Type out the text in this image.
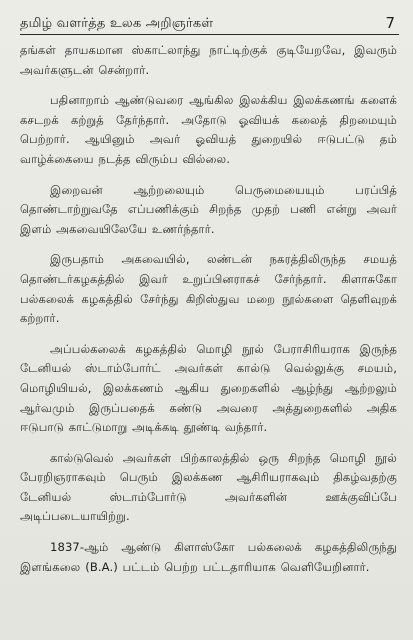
தமிழ் வளர்த்த உலக அறிஞர்கள்	7

தங்கள் தாயகமான ஸ்காட்லாந்து நாட்டிற்குக் குடியேறவே, இவரும் அவர்களுடன் சென்றார்.

பதினாறாம் ஆண்டுவரை ஆங்கில இலக்கிய இலக்கணங் களைக் கசடறக் கற்றுத் தேர்ந்தார். அதோடு ஓவியக் கலைத் திறமையும் பெற்றார். ஆயினும் அவர் ஓவியத் துறையில் ஈடுபட்டு தம் வாழ்க்கையை நடத்த விரும்ப வில்லை.

இறைவன் ஆற்றலையும் பெருமையையும் பரப்பித் தொண்டாற்றுவதே எப்பணிக்கும் சிறந்த முதற் பணி என்று அவர் இளம் அகவையிலேயே உணர்ந்தார்.

இருபதாம் அகவையில், லண்டன் நகரத்திலிருந்த சமயத் தொண்டர்கழகத்தில் இவர் உறுப்பினராகச் சேர்ந்தார். கிளாசுகோ பல்கலைக் கழகத்தில் சேர்ந்து கிறிஸ்துவ மறை நூல்களை தெளிவுறக் கற்றார்.

அப்பல்கலைக் கழகத்தில் மொழி நூல் பேராசிரியராக இருந்த டேனியல் ஸ்டாம்போர்ட் அவர்கள் கால்டு வெல்லுக்கு சமயம், மொழியியல், இலக்கணம் ஆகிய துறைகளில் ஆழ்ந்து ஆற்றலும் ஆர்வமும் இருப்பதைக் கண்டு அவரை அத்துறைகளில் அதிக ஈடுபாடு காட்டுமாறு அடிக்கடி தூண்டி வந்தார்.

கால்டுவெல் அவர்கள் பிற்காலத்தில் ஒரு சிறந்த மொழி நூல் பேரறிஞராகவும் பெரும் இலக்கண ஆசிரியராகவும் திகழ்வதற்கு டேனியல் ஸ்டாம்போர்டு அவர்களின் ஊக்குவிப்பே அடிப்படையாயிற்று.

1837-ஆம் ஆண்டு கிளாஸ்கோ பல்கலைக் கழகத்திலிருந்து இளங்கலை (B.A.) பட்டம் பெற்ற பட்டதாரியாக வெளியேறினார்.
